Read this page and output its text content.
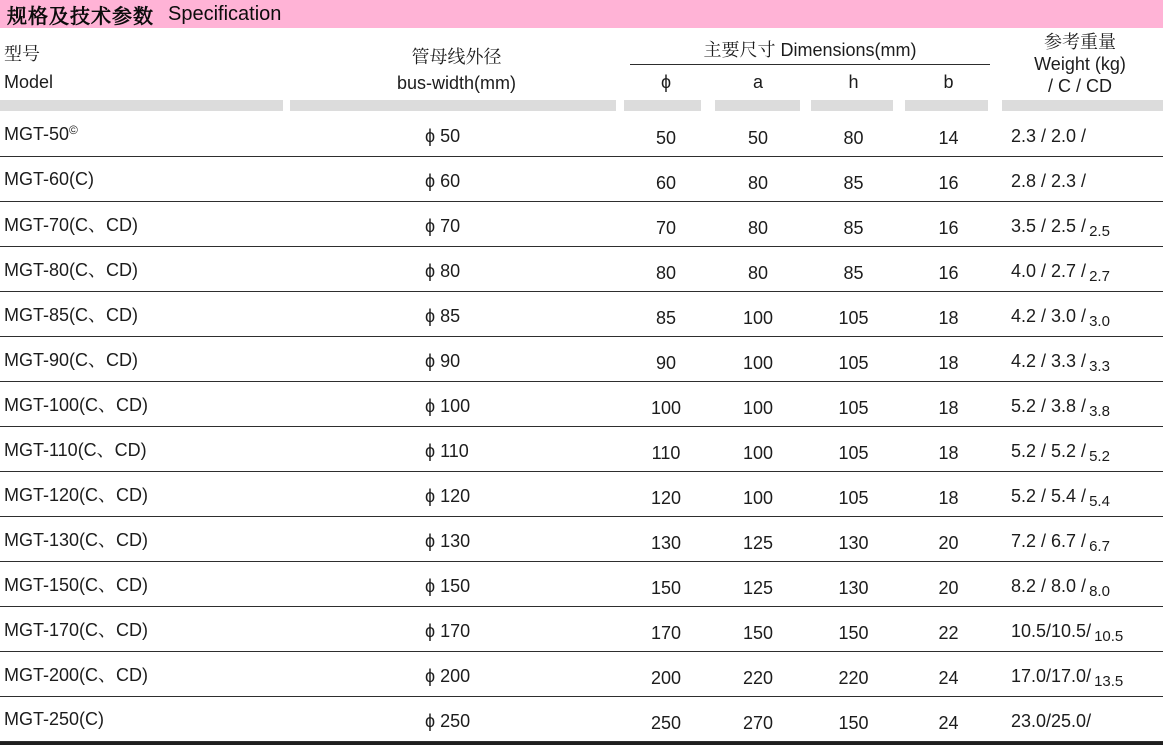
规格及技术参数 Specification
型号
Model
管母线外径
bus-width(mm)
主要尺寸 Dimensions(mm)
ϕ	a	h	b
参考重量
Weight (kg)
/ C / CD
MGT-50©	ϕ 50	50	50	80	14	2.3 / 2.0 /
MGT-60(C)	ϕ 60	60	80	85	16	2.8 / 2.3 /
MGT-70(C、CD)	ϕ 70	70	80	85	16	3.5 / 2.5 / 2.5
MGT-80(C、CD)	ϕ 80	80	80	85	16	4.0 / 2.7 / 2.7
MGT-85(C、CD)	ϕ 85	85	100	105	18	4.2 / 3.0 / 3.0
MGT-90(C、CD)	ϕ 90	90	100	105	18	4.2 / 3.3 / 3.3
MGT-100(C、CD)	ϕ 100	100	100	105	18	5.2 / 3.8 / 3.8
MGT-110(C、CD)	ϕ 110	110	100	105	18	5.2 / 5.2 / 5.2
MGT-120(C、CD)	ϕ 120	120	100	105	18	5.2 / 5.4 / 5.4
MGT-130(C、CD)	ϕ 130	130	125	130	20	7.2 / 6.7 / 6.7
MGT-150(C、CD)	ϕ 150	150	125	130	20	8.2 / 8.0 / 8.0
MGT-170(C、CD)	ϕ 170	170	150	150	22	10.5/10.5/ 10.5
MGT-200(C、CD)	ϕ 200	200	220	220	24	17.0/17.0/ 13.5
MGT-250(C)	ϕ 250	250	270	150	24	23.0/25.0/
